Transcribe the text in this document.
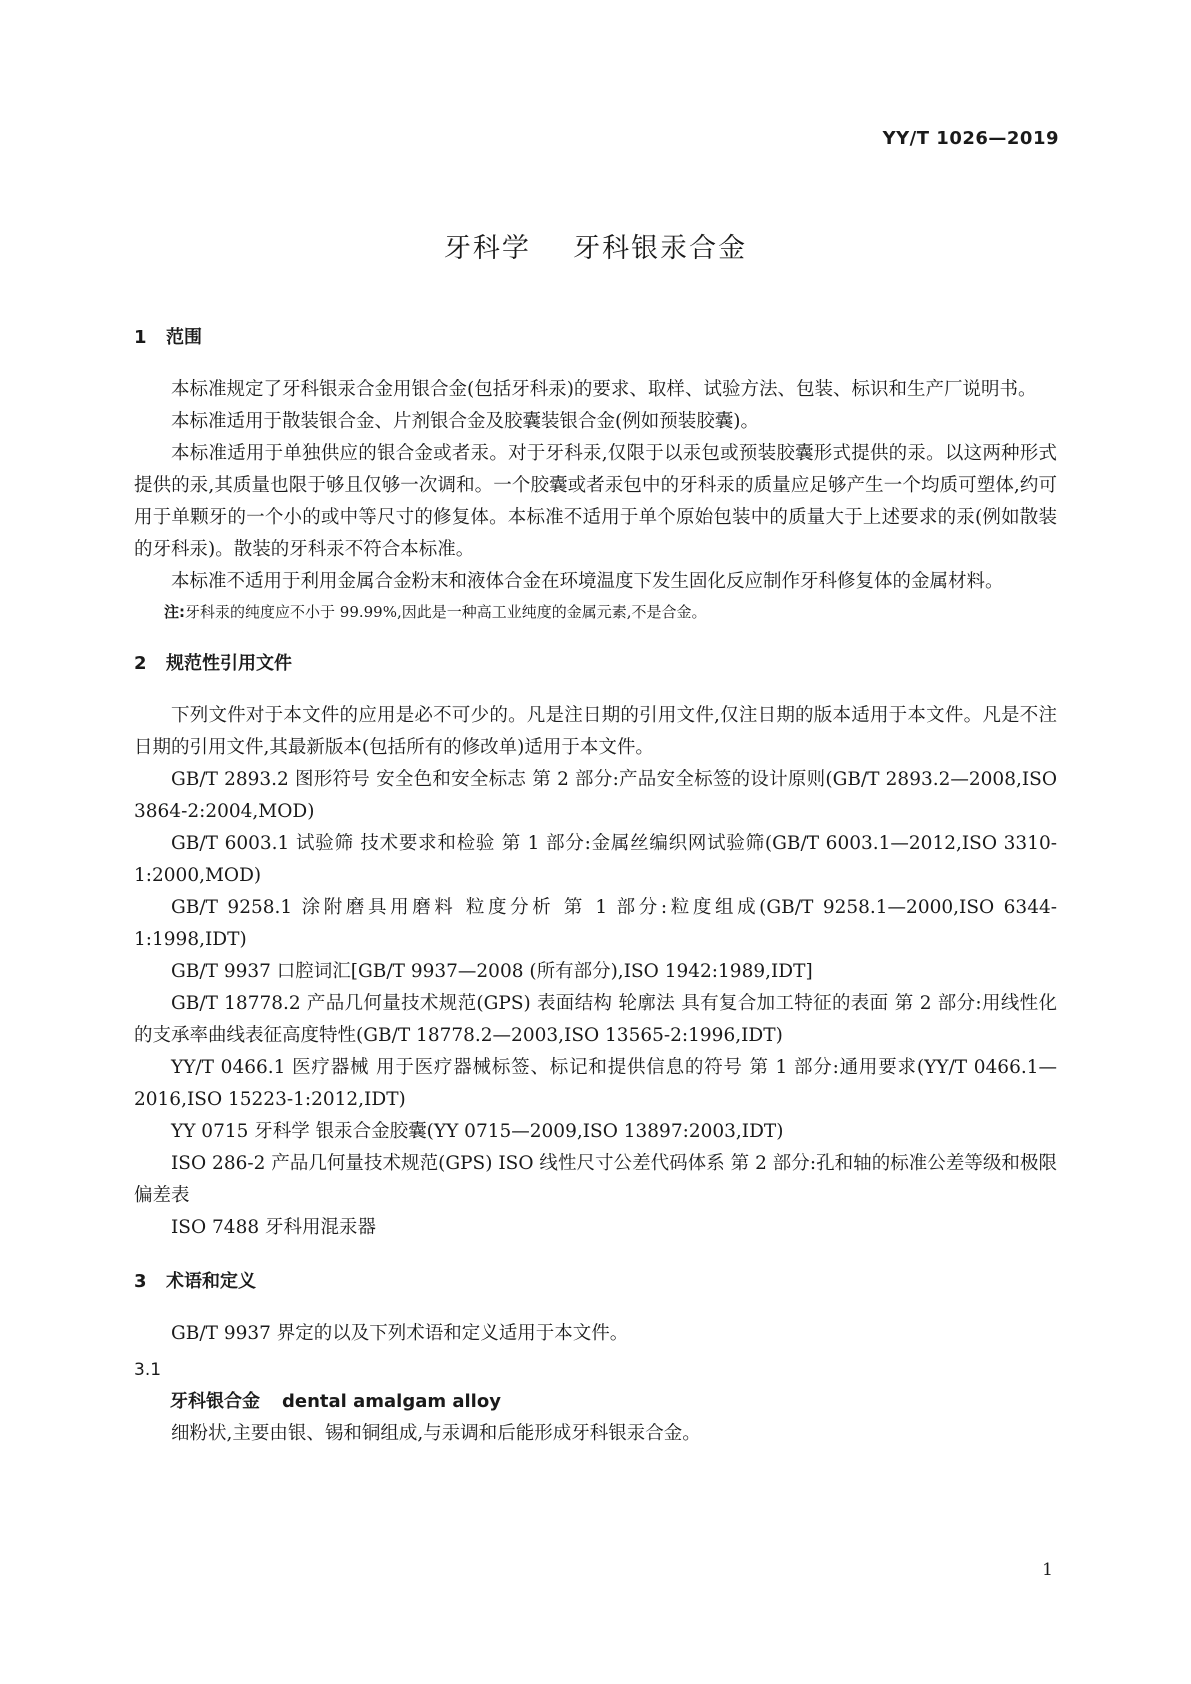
YY/T 1026—2019
牙科学    牙科银汞合金
1 范围

本标准规定了牙科银汞合金用银合金(包括牙科汞)的要求、取样、试验方法、包装、标识和生产厂说明书。

本标准适用于散装银合金、片剂银合金及胶囊装银合金(例如预装胶囊)。

本标准适用于单独供应的银合金或者汞。对于牙科汞,仅限于以汞包或预装胶囊形式提供的汞。以这两种形式提供的汞,其质量也限于够且仅够一次调和。一个胶囊或者汞包中的牙科汞的质量应足够产生一个均质可塑体,约可用于单颗牙的一个小的或中等尺寸的修复体。本标准不适用于单个原始包装中的质量大于上述要求的汞(例如散装的牙科汞)。散装的牙科汞不符合本标准。

本标准不适用于利用金属合金粉末和液体合金在环境温度下发生固化反应制作牙科修复体的金属材料。

注:牙科汞的纯度应不小于 99.99%,因此是一种高工业纯度的金属元素,不是合金。

2 规范性引用文件

下列文件对于本文件的应用是必不可少的。凡是注日期的引用文件,仅注日期的版本适用于本文件。凡是不注日期的引用文件,其最新版本(包括所有的修改单)适用于本文件。

GB/T 2893.2 图形符号 安全色和安全标志 第 2 部分:产品安全标签的设计原则(GB/T 2893.2—2008,ISO 3864-2:2004,MOD)

GB/T 6003.1 试验筛 技术要求和检验 第 1 部分:金属丝编织网试验筛(GB/T 6003.1—2012,ISO 3310-1:2000,MOD)

GB/T 9258.1 涂附磨具用磨料 粒度分析 第 1 部分:粒度组成(GB/T 9258.1—2000,ISO 6344-1:1998,IDT)

GB/T 9937 口腔词汇[GB/T 9937—2008 (所有部分),ISO 1942:1989,IDT]

GB/T 18778.2 产品几何量技术规范(GPS) 表面结构 轮廓法 具有复合加工特征的表面 第 2 部分:用线性化的支承率曲线表征高度特性(GB/T 18778.2—2003,ISO 13565-2:1996,IDT)

YY/T 0466.1 医疗器械 用于医疗器械标签、标记和提供信息的符号 第 1 部分:通用要求(YY/T 0466.1—2016,ISO 15223-1:2012,IDT)

YY 0715 牙科学 银汞合金胶囊(YY 0715—2009,ISO 13897:2003,IDT)

ISO 286-2 产品几何量技术规范(GPS) ISO 线性尺寸公差代码体系 第 2 部分:孔和轴的标准公差等级和极限偏差表

ISO 7488 牙科用混汞器

3 术语和定义

GB/T 9937 界定的以及下列术语和定义适用于本文件。

3.1

牙科银合金 dental amalgam alloy

细粉状,主要由银、锡和铜组成,与汞调和后能形成牙科银汞合金。

1
